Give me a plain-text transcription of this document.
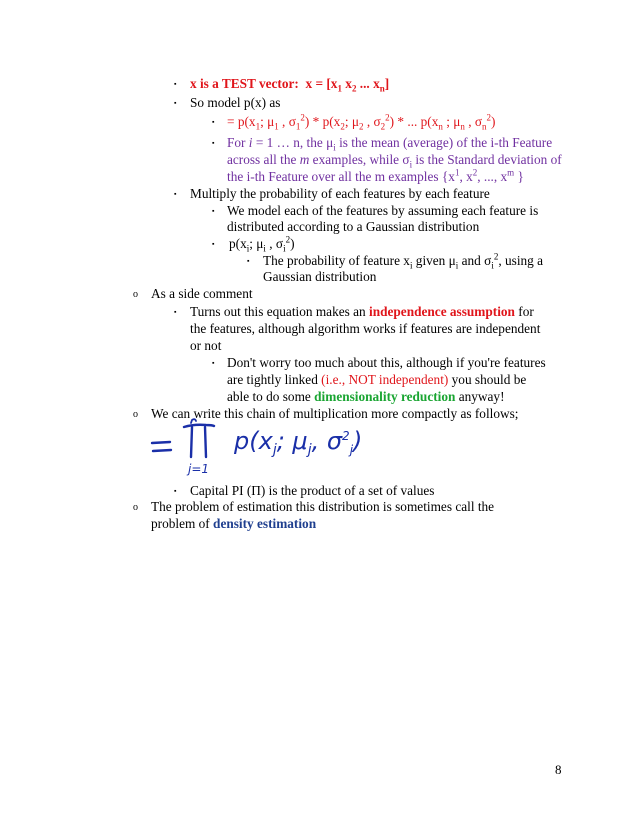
▪ x is a TEST vector: $x = [x_1$ $x_2$ ... $x_n$]
▪ So model p(x) as
▪ = $p(x_1$; $\mu_1$ , $\sigma_1^2) * p(x_2$; $\mu_2$ , $\sigma_2^2$) * ... $p(x_n$ ; $\mu_n$ , $\sigma_n^2$)
▪ For i = 1 … n, the $\mu_i$ is the mean (average) of the i-th Feature
across all the m examples, while $\sigma_i$ is the Standard deviation of
the i-th Feature over all the m examples {$x^1$, $x^2$, ..., $x^m$ }
▪ Multiply the probability of each features by each feature
▪ We model each of the features by assuming each feature is
distributed according to a Gaussian distribution
▪ $p(x_i$; $\mu_i$ , $\sigma_i^2$)
▪ The probability of feature $x_i$ given $\mu_i$ and $\sigma_i^2$, using a
Gaussian distribution
o As a side comment
▪ Turns out this equation makes an independence assumption for
the features, although algorithm works if features are independent
or not
▪ Don't worry too much about this, although if you're features
are tightly linked (i.e., NOT independent) you should be
able to do some dimensionality reduction anyway!
o We can write this chain of multiplication more compactly as follows;
=
j=1
$p(x_j$; $\mu_j$, $\sigma^2_j$)
▪ Capital PI (Π) is the product of a set of values
o The problem of estimation this distribution is sometimes call the
problem of density estimation
8
